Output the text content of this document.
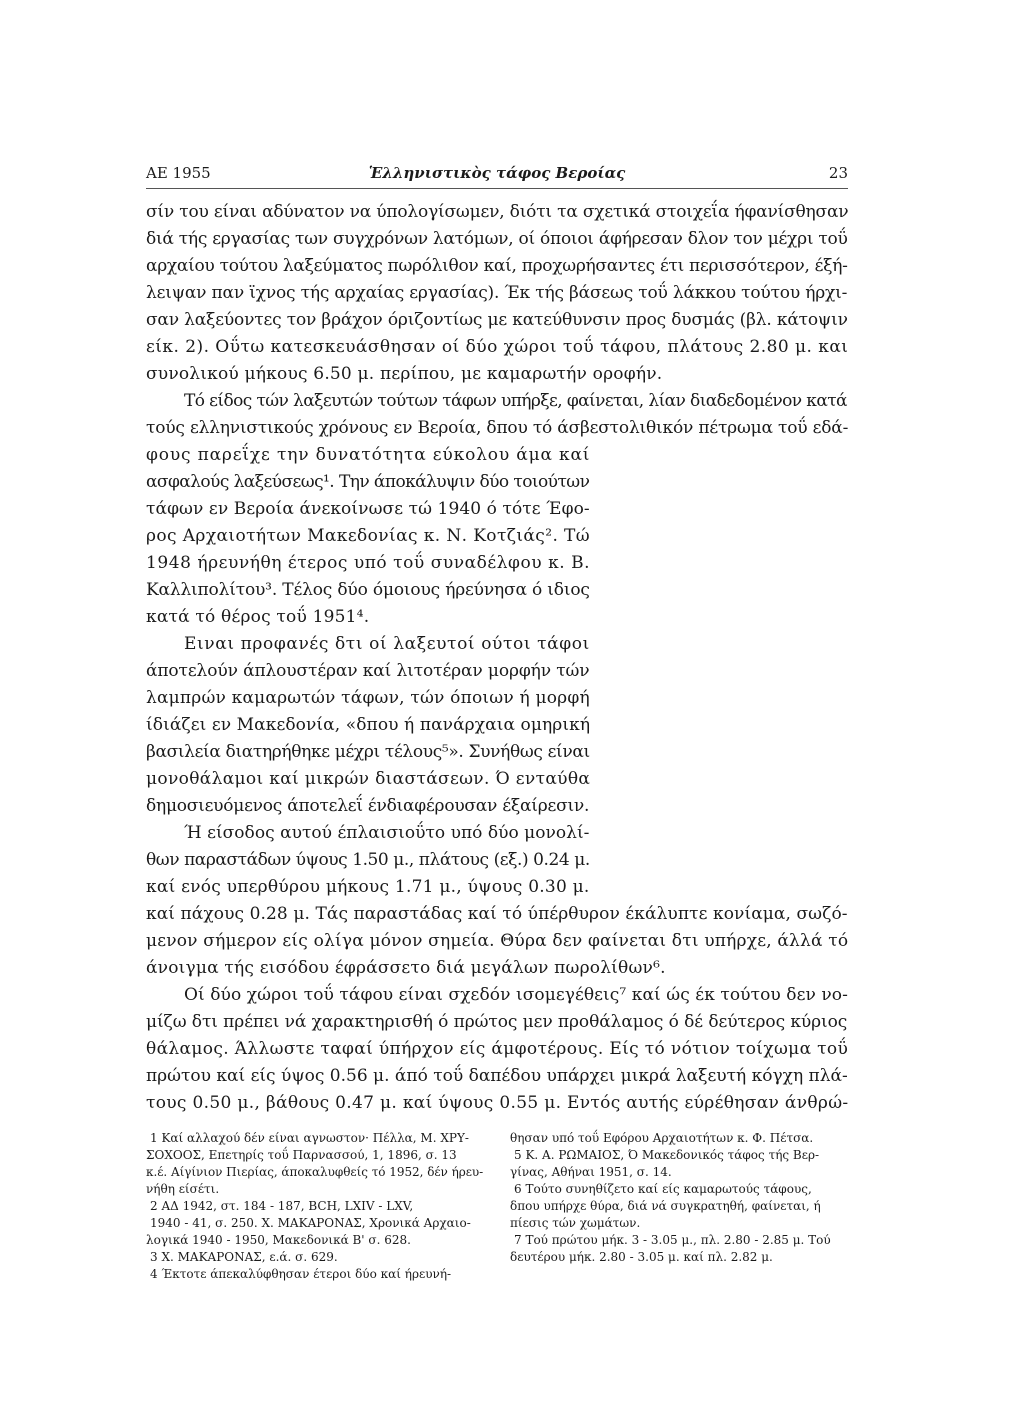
ΑΕ 1955	Ἑλληνιστικὸς τάφος Βεροίας	23
σίν του είναι αδύνατον να ύπολογίσωμεν, διότι τα σχετικά στοιχεΐα ήφανίσθησαν
διά τής εργασίας των συγχρόνων λατόμων, οί όποιοι άφήρεσαν δλον τον μέχρι τοΰ
αρχαίου τούτου λαξεύματος πωρόλιθον καί, προχωρήσαντες έτι περισσότερον, έξή-
λειψαν παν ϊχνος τής αρχαίας εργασίας). Έκ τής βάσεως τοΰ λάκκου τούτου ήρχι-
σαν λαξεύοντες τον βράχον όριζοντίως με κατεύθυνσιν προς δυσμάς (βλ. κάτοψιν
είκ. 2). Οΰτω κατεσκευάσθησαν οί δύο χώροι τοΰ τάφου, πλάτους 2.80 μ. και
συνολικού μήκους 6.50 μ. περίπου, με καμαρωτήν οροφήν.
Τό είδος τών λαξευτών τούτων τάφων υπήρξε, φαίνεται, λίαν διαδεδομένον κατά
τούς ελληνιστικούς χρόνους εν Βεροία, δπου τό άσβεστολιθικόν πέτρωμα τοΰ εδά-
φους παρεΐχε την δυνατότητα εύκολου άμα καί
ασφαλούς λαξεύσεως¹. Την άποκάλυψιν δύο τοιούτων
τάφων εν Βεροία άνεκοίνωσε τώ 1940 ό τότε Έφο-
ρος Αρχαιοτήτων Μακεδονίας κ. Ν. Κοτζιάς². Τώ
1948 ήρευνήθη έτερος υπό τοΰ συναδέλφου κ. Β.
Καλλιπολίτου³. Τέλος δύο όμοιους ήρεύνησα ό ιδιος
κατά τό θέρος τοΰ 1951⁴.
Ειναι προφανές δτι οί λαξευτοί ούτοι τάφοι
άποτελούν άπλουστέραν καί λιτοτέραν μορφήν τών
λαμπρών καμαρωτών τάφων, τών όποιων ή μορφή
ίδιάζει εν Μακεδονία, «δπου ή πανάρχαια ομηρική
βασιλεία διατηρήθηκε μέχρι τέλους⁵». Συνήθως είναι
μονοθάλαμοι καί μικρών διαστάσεων. Ό ενταύθα
δημοσιευόμενος άποτελεΐ ένδιαφέρουσαν έξαίρεσιν.
Ή είσοδος αυτού έπλαισιοΰτο υπό δύο μονολί-
θων παραστάδων ύψους 1.50 μ., πλάτους (εξ.) 0.24 μ.
καί ενός υπερθύρου μήκους 1.71 μ., ύψους 0.30 μ.
καί πάχους 0.28 μ. Τάς παραστάδας καί τό ύπέρθυρον έκάλυπτε κονίαμα, σωζό-
μενον σήμερον είς ολίγα μόνον σημεία. Θύρα δεν φαίνεται δτι υπήρχε, άλλά τό
άνοιγμα τής εισόδου έφράσσετο διά μεγάλων πωρολίθων⁶.
Οί δύο χώροι τοΰ τάφου είναι σχεδόν ισομεγέθεις⁷ καί ώς έκ τούτου δεν νο-
μίζω δτι πρέπει νά χαρακτηρισθή ό πρώτος μεν προθάλαμος ό δέ δεύτερος κύριος
θάλαμος. Άλλωστε ταφαί ύπήρχον είς άμφοτέρους. Είς τό νότιον τοίχωμα τοΰ
πρώτου καί είς ύψος 0.56 μ. άπό τοΰ δαπέδου υπάρχει μικρά λαξευτή κόγχη πλά-
τους 0.50 μ., βάθους 0.47 μ. καί ύψους 0.55 μ. Εντός αυτής εύρέθησαν άνθρώ-
1 Καί αλλαχού δέν είναι αγνωστον· Πέλλα, Μ. ΧΡΥ-
ΣΟΧΟΟΣ, Επετηρίς τοΰ Παρνασσού, 1, 1896, σ. 13
κ.έ. Αίγίνιον Πιερίας, άποκαλυφθείς τό 1952, δέν ήρευ-
νήθη είσέτι.
2 ΑΔ 1942, στ. 184 - 187, BCH, LXIV - LXV,
1940 - 41, σ. 250. Χ. ΜΑΚΑΡΟΝΑΣ, Χρονικά Αρχαιο-
λογικά 1940 - 1950, Μακεδονικά Β' σ. 628.
3 Χ. ΜΑΚΑΡΟΝΑΣ, ε.ά. σ. 629.
4 Έκτοτε άπεκαλύφθησαν έτεροι δύο καί ήρευνή-
θησαν υπό τοΰ Εφόρου Αρχαιοτήτων κ. Φ. Πέτσα.
5 Κ. Α. ΡΩΜΑΙΟΣ, Ό Μακεδονικός τάφος τής Βερ-
γίνας, Αθήναι 1951, σ. 14.
6 Τούτο συνηθίζετο καί είς καμαρωτούς τάφους,
δπου υπήρχε θύρα, διά νά συγκρατηθή, φαίνεται, ή
πίεσις τών χωμάτων.
7 Τού πρώτου μήκ. 3 - 3.05 μ., πλ. 2.80 - 2.85 μ. Τού
δευτέρου μήκ. 2.80 - 3.05 μ. καί πλ. 2.82 μ.
